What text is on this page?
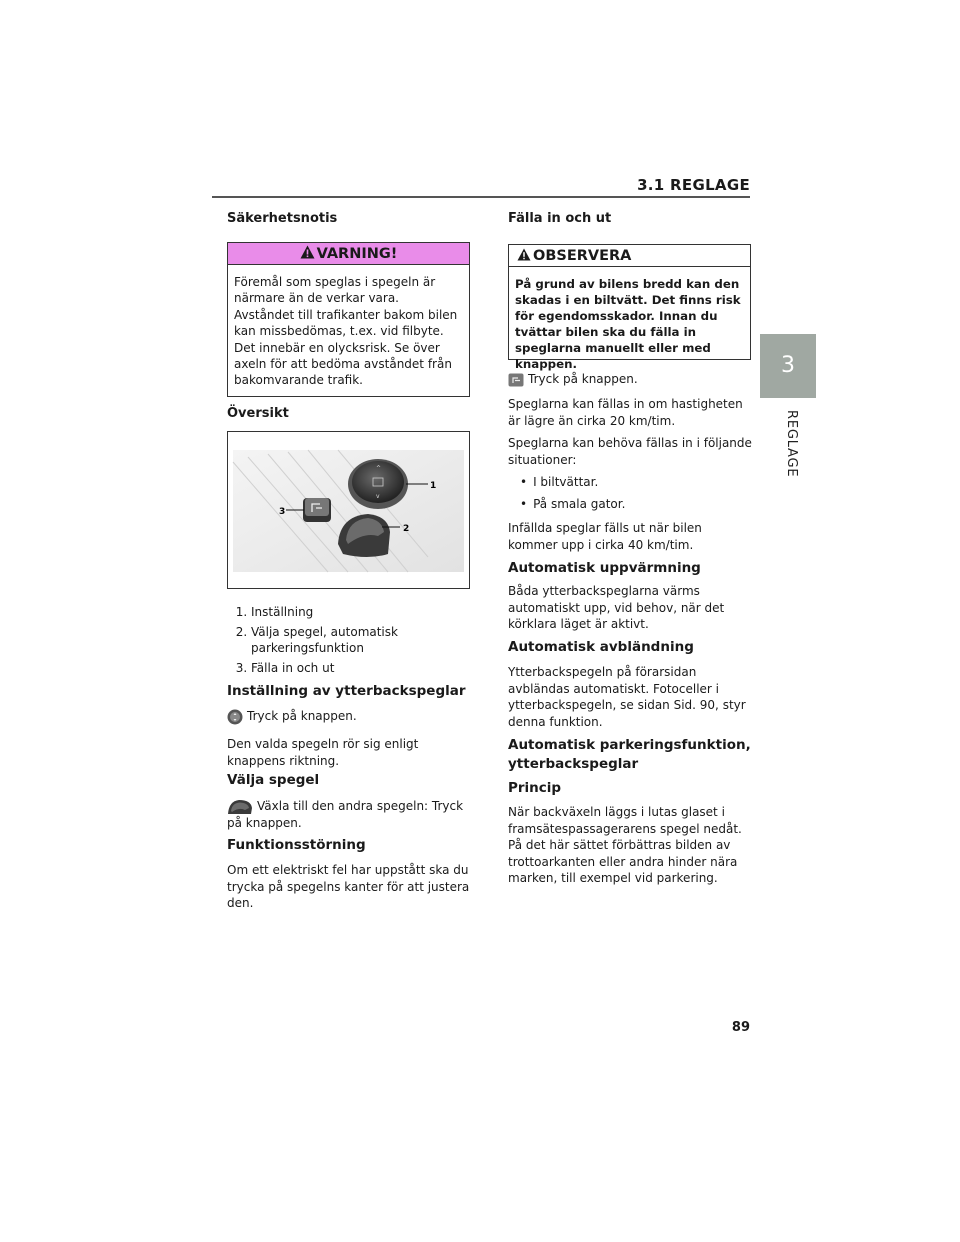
3.1 REGLAGE
3
REGLAGE
Säkerhetsnotis
VARNING!
Föremål som speglas i spegeln är närmare än de verkar vara. Avståndet till trafikanter bakom bilen kan missbedömas, t.ex. vid filbyte. Det innebär en olycksrisk. Se över axeln för att bedöma avståndet från bakomvarande trafik.
Översikt
^
v
1
2
3
1. Inställning
2. Välja spegel, automatisk parkeringsfunktion
3. Fälla in och ut
Inställning av ytterbackspeglar
Tryck på knappen.
Den valda spegeln rör sig enligt knappens riktning.
Välja spegel
Växla till den andra spegeln: Tryck på knappen.
Funktionsstörning
Om ett elektriskt fel har uppstått ska du trycka på spegelns kanter för att justera den.
Fälla in och ut
OBSERVERA
På grund av bilens bredd kan den skadas i en biltvätt. Det finns risk för egendomsskador. Innan du tvättar bilen ska du fälla in speglarna manuellt eller med knappen.
Tryck på knappen.
Speglarna kan fällas in om hastigheten är lägre än cirka 20 km/tim.
Speglarna kan behöva fällas in i följande situationer:
• I biltvättar.
• På smala gator.
Infällda speglar fälls ut när bilen kommer upp i cirka 40 km/tim.
Automatisk uppvärmning
Båda ytterbackspeglarna värms automatiskt upp, vid behov, när det körklara läget är aktivt.
Automatisk avbländning
Ytterbackspegeln på förarsidan avbländas automatiskt. Fotoceller i ytterbackspegeln, se sidan Sid. 90, styr denna funktion.
Automatisk parkeringsfunktion, ytterbackspeglar
Princip
När backväxeln läggs i lutas glaset i framsätespassagerarens spegel nedåt. På det här sättet förbättras bilden av trottoarkanten eller andra hinder nära marken, till exempel vid parkering.
89
